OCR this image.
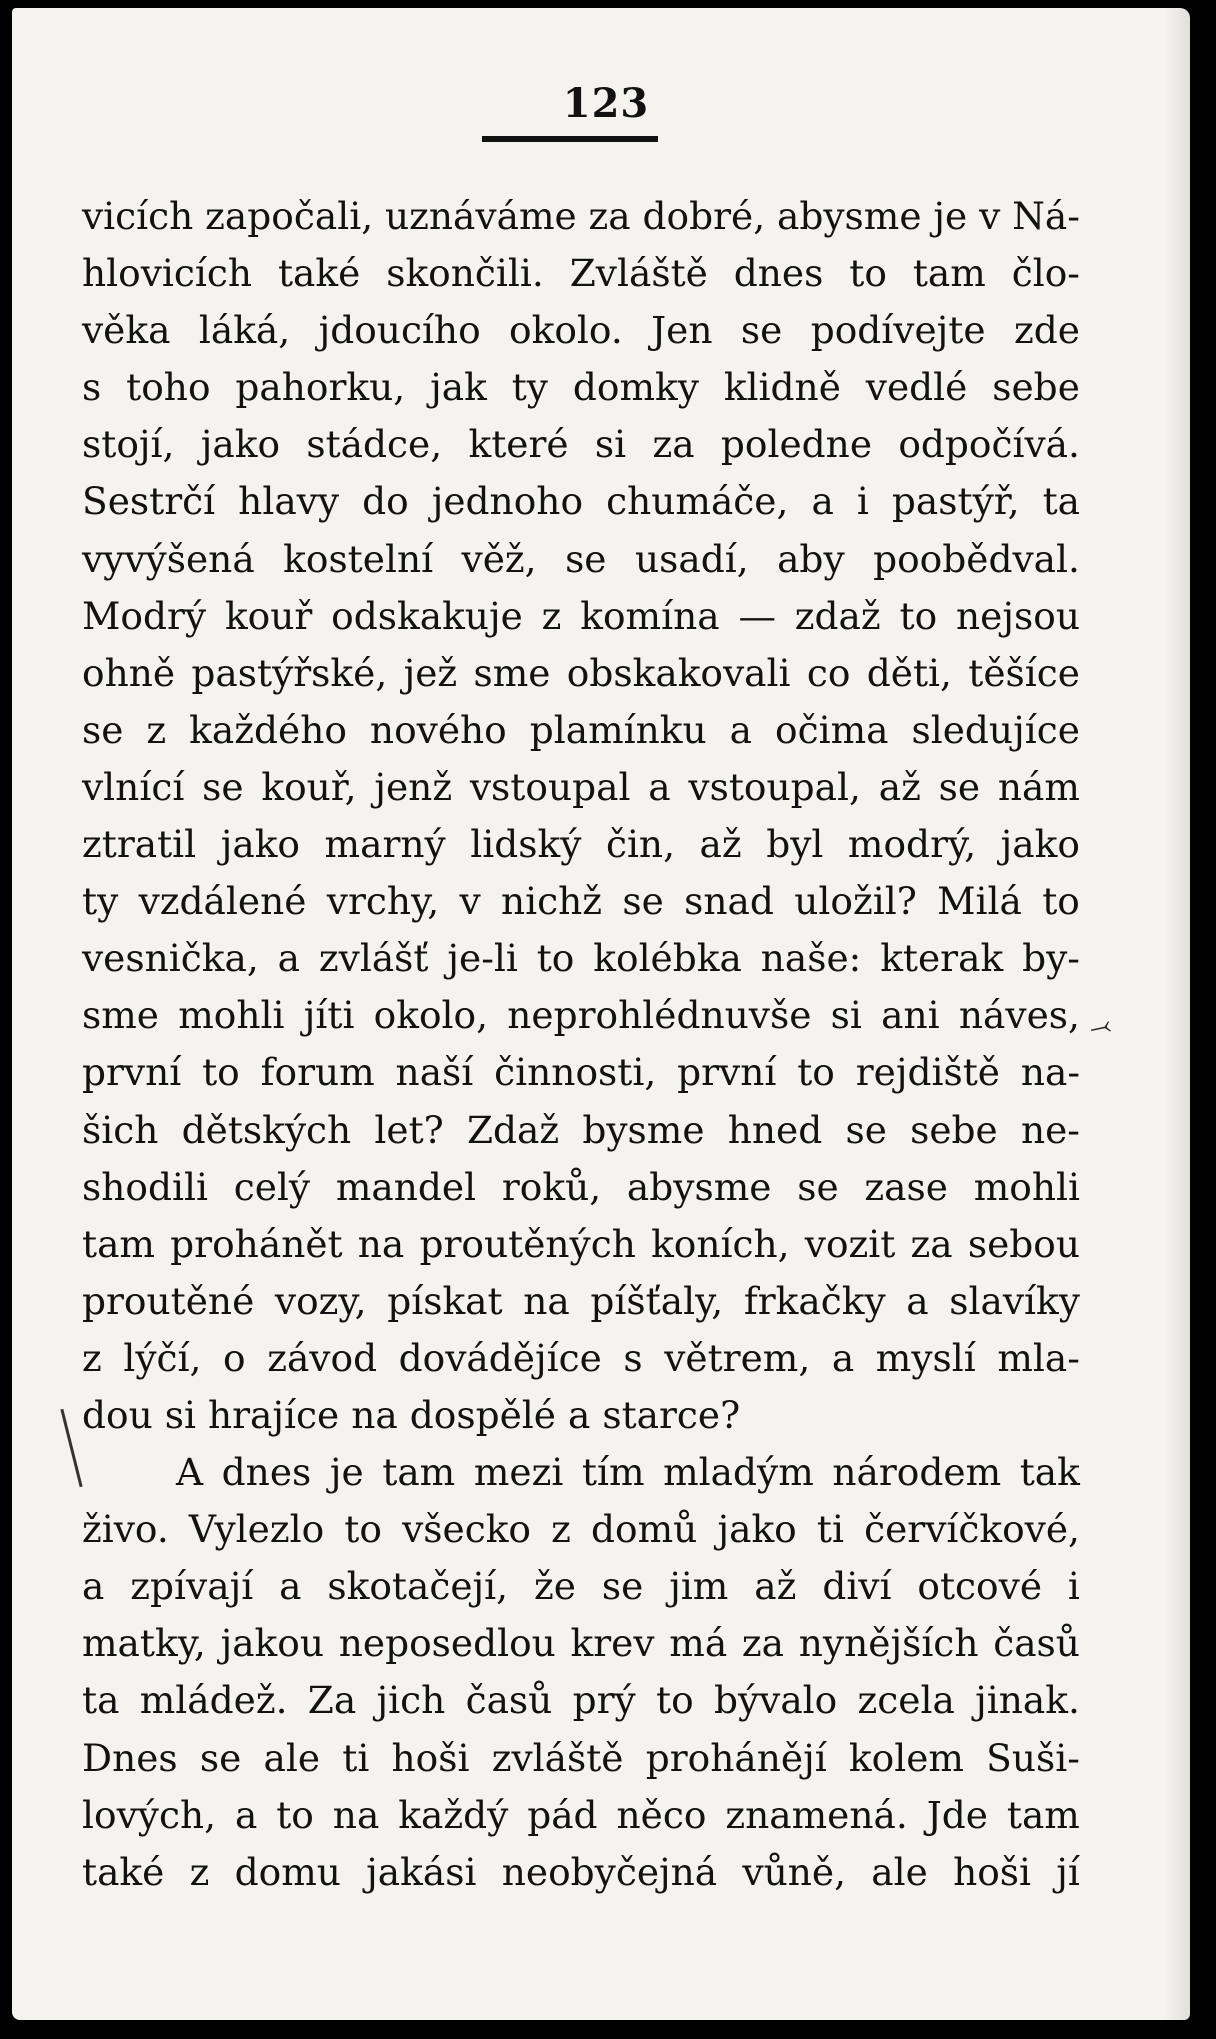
123
vicích započali, uznáváme za dobré, abysme je v Ná-
hlovicích také skončili. Zvláště dnes to tam člo-
věka láká, jdoucího okolo. Jen se podívejte zde
s toho pahorku, jak ty domky klidně vedlé sebe
stojí, jako stádce, které si za poledne odpočívá.
Sestrčí hlavy do jednoho chumáče, a i pastýř, ta
vyvýšená kostelní věž, se usadí, aby poobědval.
Modrý kouř odskakuje z komína — zdaž to nejsou
ohně pastýřské, jež sme obskakovali co děti, těšíce
se z každého nového plamínku a očima sledujíce
vlnící se kouř, jenž vstoupal a vstoupal, až se nám
ztratil jako marný lidský čin, až byl modrý, jako
ty vzdálené vrchy, v nichž se snad uložil? Milá to
vesnička, a zvlášť je-li to kolébka naše: kterak by-
sme mohli jíti okolo, neprohlédnuvše si ani náves,
první to forum naší činnosti, první to rejdiště na-
šich dětských let? Zdaž bysme hned se sebe ne-
shodili celý mandel roků, abysme se zase mohli
tam prohánět na proutěných koních, vozit za sebou
proutěné vozy, pískat na píšťaly, frkačky a slavíky
z lýčí, o závod dovádějíce s větrem, a myslí mla-
dou si hrajíce na dospělé a starce?
A dnes je tam mezi tím mladým národem tak
živo. Vylezlo to všecko z domů jako ti červíčkové,
a zpívají a skotačejí, že se jim až diví otcové i
matky, jakou neposedlou krev má za nynějších časů
ta mládež. Za jich časů prý to bývalo zcela jinak.
Dnes se ale ti hoši zvláště prohánějí kolem Suši-
lových, a to na každý pád něco znamená. Jde tam
také z domu jakási neobyčejná vůně, ale hoši jí
⤙
